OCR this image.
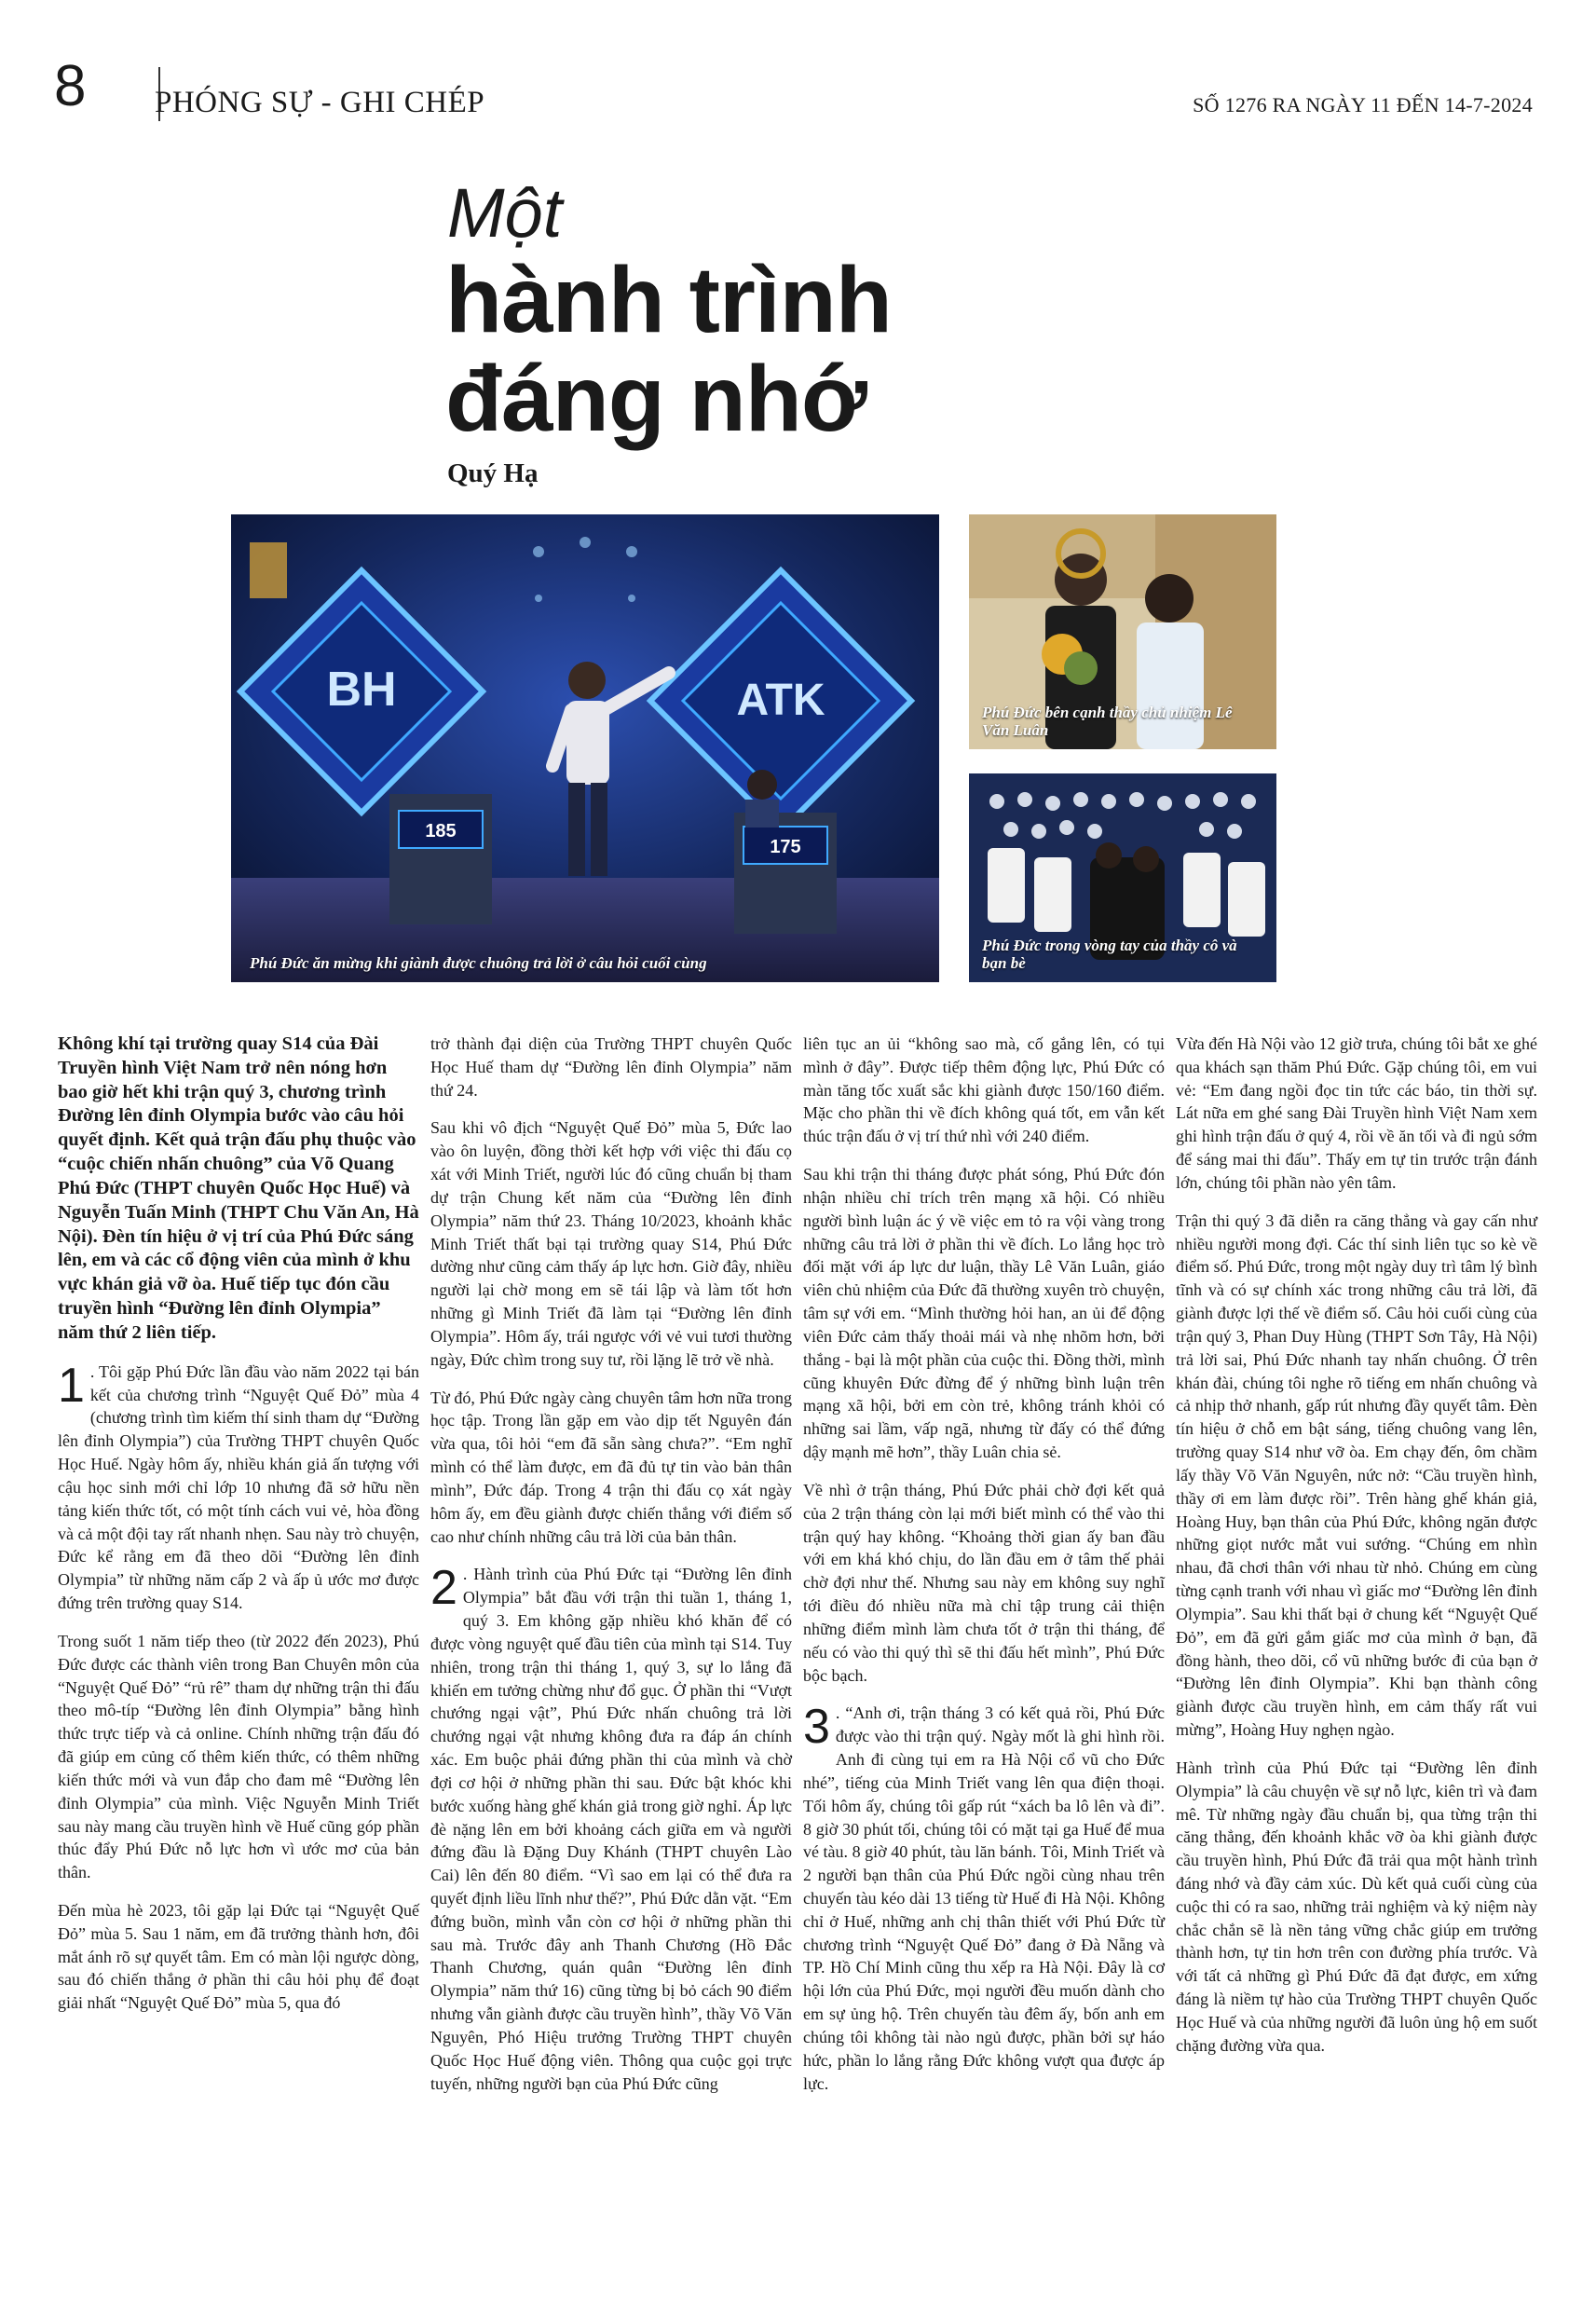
8 PHÓNG SỰ - GHI CHÉP	SỐ 1276 RA NGÀY 11 ĐẾN 14-7-2024
Một
hành trình
đáng nhớ
Quý Hạ
BH	ATK
185
175
Phú Đức ăn mừng khi giành được chuông trả lời ở câu hỏi cuối cùng
Phú Đức bên cạnh thầy chủ nhiệm Lê Văn Luân
Phú Đức trong vòng tay của thầy cô và bạn bè

Không khí tại trường quay S14 của Đài Truyền hình Việt Nam trở nên nóng hơn bao giờ hết khi trận quý 3, chương trình Đường lên đỉnh Olympia bước vào câu hỏi quyết định. Kết quả trận đấu phụ thuộc vào “cuộc chiến nhấn chuông” của Võ Quang Phú Đức (THPT chuyên Quốc Học Huế) và Nguyễn Tuấn Minh (THPT Chu Văn An, Hà Nội). Đèn tín hiệu ở vị trí của Phú Đức sáng lên, em và các cổ động viên của mình ở khu vực khán giả vỡ òa. Huế tiếp tục đón cầu truyền hình “Đường lên đỉnh Olympia” năm thứ 2 liên tiếp.

1 . Tôi gặp Phú Đức lần đầu vào năm 2022 tại bán kết của chương trình “Nguyệt Quế Đỏ” mùa 4 (chương trình tìm kiếm thí sinh tham dự “Đường lên đỉnh Olympia”) của Trường THPT chuyên Quốc Học Huế. Ngày hôm ấy, nhiều khán giả ấn tượng với cậu học sinh mới chỉ lớp 10 nhưng đã sở hữu nền tảng kiến thức tốt, có một tính cách vui vẻ, hòa đồng và cả một đội tay rất nhanh nhẹn. Sau này trò chuyện, Đức kể rằng em đã theo dõi “Đường lên đỉnh Olympia” từ những năm cấp 2 và ấp ủ ước mơ được đứng trên trường quay S14.

Trong suốt 1 năm tiếp theo (từ 2022 đến 2023), Phú Đức được các thành viên trong Ban Chuyên môn của “Nguyệt Quế Đỏ” “rủ rê” tham dự những trận thi đấu theo mô-típ “Đường lên đỉnh Olympia” bằng hình thức trực tiếp và cả online. Chính những trận đấu đó đã giúp em củng cố thêm kiến thức, có thêm những kiến thức mới và vun đắp cho đam mê “Đường lên đỉnh Olympia” của mình. Việc Nguyễn Minh Triết sau này mang cầu truyền hình về Huế cũng góp phần thúc đẩy Phú Đức nỗ lực hơn vì ước mơ của bản thân.

Đến mùa hè 2023, tôi gặp lại Đức tại “Nguyệt Quế Đỏ” mùa 5. Sau 1 năm, em đã trưởng thành hơn, đôi mắt ánh rõ sự quyết tâm. Em có màn lội ngược dòng, sau đó chiến thắng ở phần thi câu hỏi phụ để đoạt giải nhất “Nguyệt Quế Đỏ” mùa 5, qua đó

trở thành đại diện của Trường THPT chuyên Quốc Học Huế tham dự “Đường lên đỉnh Olympia” năm thứ 24.

Sau khi vô địch “Nguyệt Quế Đỏ” mùa 5, Đức lao vào ôn luyện, đồng thời kết hợp với việc thi đấu cọ xát với Minh Triết, người lúc đó cũng chuẩn bị tham dự trận Chung kết năm của “Đường lên đỉnh Olympia” năm thứ 23. Tháng 10/2023, khoảnh khắc Minh Triết thất bại tại trường quay S14, Phú Đức dường như cũng cảm thấy áp lực hơn. Giờ đây, nhiều người lại chờ mong em sẽ tái lập và làm tốt hơn những gì Minh Triết đã làm tại “Đường lên đỉnh Olympia”. Hôm ấy, trái ngược với vẻ vui tươi thường ngày, Đức chìm trong suy tư, rồi lặng lẽ trở về nhà.

Từ đó, Phú Đức ngày càng chuyên tâm hơn nữa trong học tập. Trong lần gặp em vào dịp tết Nguyên đán vừa qua, tôi hỏi “em đã sẵn sàng chưa?”. “Em nghĩ mình có thể làm được, em đã đủ tự tin vào bản thân mình”, Đức đáp. Trong 4 trận thi đấu cọ xát ngày hôm ấy, em đều giành được chiến thắng với điểm số cao như chính những câu trả lời của bản thân.

2 . Hành trình của Phú Đức tại “Đường lên đỉnh Olympia” bắt đầu với trận thi tuần 1, tháng 1, quý 3. Em không gặp nhiều khó khăn để có được vòng nguyệt quế đầu tiên của mình tại S14. Tuy nhiên, trong trận thi tháng 1, quý 3, sự lo lắng đã khiến em tưởng chừng như đổ gục. Ở phần thi “Vượt chướng ngại vật”, Phú Đức nhấn chuông trả lời chướng ngại vật nhưng không đưa ra đáp án chính xác. Em buộc phải đứng phần thi của mình và chờ đợi cơ hội ở những phần thi sau. Đức bật khóc khi bước xuống hàng ghế khán giả trong giờ nghỉ. Áp lực đè nặng lên em bởi khoảng cách giữa em và người đứng đầu là Đặng Duy Khánh (THPT chuyên Lào Cai) lên đến 80 điểm. “Vì sao em lại có thể đưa ra quyết định liều lĩnh như thế?”, Phú Đức dằn vặt. “Em đứng buồn, mình vẫn còn cơ hội ở những phần thi sau mà. Trước đây anh Thanh Chương (Hồ Đắc Thanh Chương, quán quân “Đường lên đỉnh Olympia” năm thứ 16) cũng từng bị bỏ cách 90 điểm nhưng vẫn giành được cầu truyền hình”, thầy Võ Văn Nguyên, Phó Hiệu trưởng Trường THPT chuyên Quốc Học Huế động viên. Thông qua cuộc gọi trực tuyến, những người bạn của Phú Đức cũng

liên tục an ủi “không sao mà, cố gắng lên, có tụi mình ở đây”. Được tiếp thêm động lực, Phú Đức có màn tăng tốc xuất sắc khi giành được 150/160 điểm. Mặc cho phần thi về đích không quá tốt, em vẫn kết thúc trận đấu ở vị trí thứ nhì với 240 điểm.

Sau khi trận thi tháng được phát sóng, Phú Đức đón nhận nhiều chỉ trích trên mạng xã hội. Có nhiều người bình luận ác ý về việc em tỏ ra vội vàng trong những câu trả lời ở phần thi về đích. Lo lắng học trò đối mặt với áp lực dư luận, thầy Lê Văn Luân, giáo viên chủ nhiệm của Đức đã thường xuyên trò chuyện, tâm sự với em. “Mình thường hỏi han, an ủi để động viên Đức cảm thấy thoải mái và nhẹ nhõm hơn, bởi thắng - bại là một phần của cuộc thi. Đồng thời, mình cũng khuyên Đức đừng để ý những bình luận trên mạng xã hội, bởi em còn trẻ, không tránh khỏi có những sai lầm, vấp ngã, nhưng từ đấy có thể đứng dậy mạnh mẽ hơn”, thầy Luân chia sẻ.

Về nhì ở trận tháng, Phú Đức phải chờ đợi kết quả của 2 trận tháng còn lại mới biết mình có thể vào thi trận quý hay không. “Khoảng thời gian ấy ban đầu với em khá khó chịu, do lần đầu em ở tâm thế phải chờ đợi như thế. Nhưng sau này em không suy nghĩ tới điều đó nhiều nữa mà chỉ tập trung cải thiện những điểm mình làm chưa tốt ở trận thi tháng, để nếu có vào thi quý thì sẽ thi đấu hết mình”, Phú Đức bộc bạch.

3 . “Anh ơi, trận tháng 3 có kết quả rồi, Phú Đức được vào thi trận quý. Ngày mốt là ghi hình rồi. Anh đi cùng tụi em ra Hà Nội cổ vũ cho Đức nhé”, tiếng của Minh Triết vang lên qua điện thoại. Tối hôm ấy, chúng tôi gấp rút “xách ba lô lên và đi”. 8 giờ 30 phút tối, chúng tôi có mặt tại ga Huế để mua vé tàu. 8 giờ 40 phút, tàu lăn bánh. Tôi, Minh Triết và 2 người bạn thân của Phú Đức ngồi cùng nhau trên chuyến tàu kéo dài 13 tiếng từ Huế đi Hà Nội. Không chỉ ở Huế, những anh chị thân thiết với Phú Đức từ chương trình “Nguyệt Quế Đỏ” đang ở Đà Nẵng và TP. Hồ Chí Minh cũng thu xếp ra Hà Nội. Đây là cơ hội lớn của Phú Đức, mọi người đều muốn dành cho em sự ủng hộ. Trên chuyến tàu đêm ấy, bốn anh em chúng tôi không tài nào ngủ được, phần bởi sự háo hức, phần lo lắng rằng Đức không vượt qua được áp lực.

Vừa đến Hà Nội vào 12 giờ trưa, chúng tôi bắt xe ghé qua khách sạn thăm Phú Đức. Gặp chúng tôi, em vui vẻ: “Em đang ngồi đọc tin tức các báo, tin thời sự. Lát nữa em ghé sang Đài Truyền hình Việt Nam xem ghi hình trận đấu ở quý 4, rồi về ăn tối và đi ngủ sớm để sáng mai thi đấu”. Thấy em tự tin trước trận đánh lớn, chúng tôi phần nào yên tâm.

Trận thi quý 3 đã diễn ra căng thẳng và gay cấn như nhiều người mong đợi. Các thí sinh liên tục so kè về điểm số. Phú Đức, trong một ngày duy trì tâm lý bình tĩnh và có sự chính xác trong những câu trả lời, đã giành được lợi thế về điểm số. Câu hỏi cuối cùng của trận quý 3, Phan Duy Hùng (THPT Sơn Tây, Hà Nội) trả lời sai, Phú Đức nhanh tay nhấn chuông. Ở trên khán đài, chúng tôi nghe rõ tiếng em nhấn chuông và cả nhịp thở nhanh, gấp rút nhưng đầy quyết tâm. Đèn tín hiệu ở chỗ em bật sáng, tiếng chuông vang lên, trường quay S14 như vỡ òa. Em chạy đến, ôm chầm lấy thầy Võ Văn Nguyên, nức nở: “Cầu truyền hình, thầy ơi em làm được rồi”. Trên hàng ghế khán giả, Hoàng Huy, bạn thân của Phú Đức, không ngăn được những giọt nước mắt vui sướng. “Chúng em nhìn nhau, đã chơi thân với nhau từ nhỏ. Chúng em cùng từng cạnh tranh với nhau vì giấc mơ “Đường lên đỉnh Olympia”. Sau khi thất bại ở chung kết “Nguyệt Quế Đỏ”, em đã gửi gắm giấc mơ của mình ở bạn, đã đồng hành, theo dõi, cổ vũ những bước đi của bạn ở “Đường lên đỉnh Olympia”. Khi bạn thành công giành được cầu truyền hình, em cảm thấy rất vui mừng”, Hoàng Huy nghẹn ngào.

Hành trình của Phú Đức tại “Đường lên đỉnh Olympia” là câu chuyện về sự nỗ lực, kiên trì và đam mê. Từ những ngày đầu chuẩn bị, qua từng trận thi căng thẳng, đến khoảnh khắc vỡ òa khi giành được cầu truyền hình, Phú Đức đã trải qua một hành trình đáng nhớ và đầy cảm xúc. Dù kết quả cuối cùng của cuộc thi có ra sao, những trải nghiệm và kỷ niệm này chắc chắn sẽ là nền tảng vững chắc giúp em trưởng thành hơn, tự tin hơn trên con đường phía trước. Và với tất cả những gì Phú Đức đã đạt được, em xứng đáng là niềm tự hào của Trường THPT chuyên Quốc Học Huế và của những người đã luôn ủng hộ em suốt chặng đường vừa qua.
